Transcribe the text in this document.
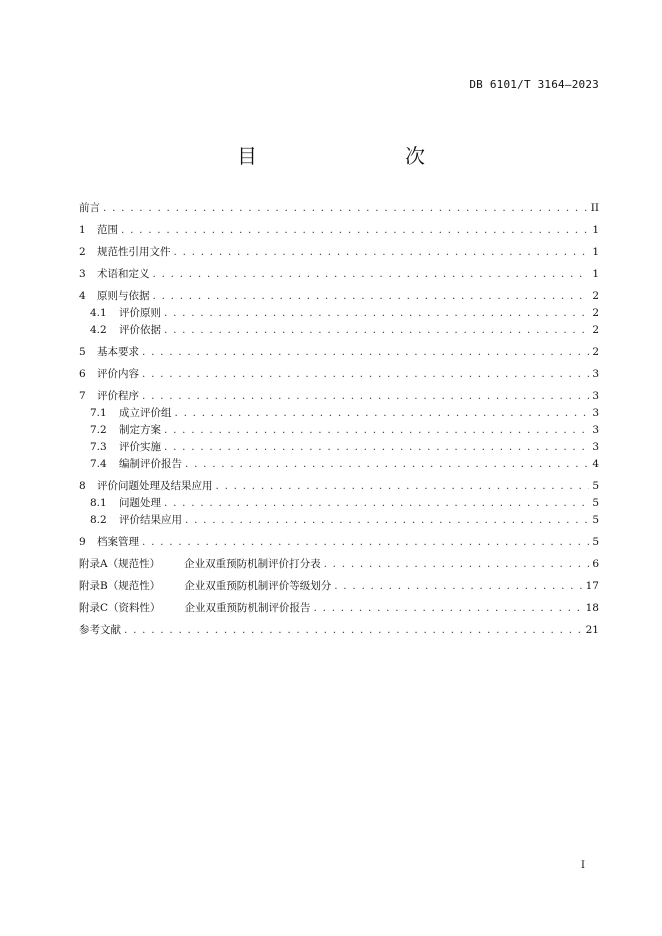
DB 6101/T 3164—2023
目　　次
前言 . . .	II
1	范围 . . .	1
2	规范性引用文件 . . .	1
3	术语和定义 . . .	1
4	原则与依据 . . .	2
4.1	评价原则 . . .	2
4.2	评价依据 . . .	2
5	基本要求 . . .	2
6	评价内容 . . .	3
7	评价程序 . . .	3
7.1	成立评价组 . . .	3
7.2	制定方案 . . .	3
7.3	评价实施 . . .	3
7.4	编制评价报告 . . .	4
8	评价问题处理及结果应用 . . .	5
8.1	问题处理 . . .	5
8.2	评价结果应用 . . .	5
9	档案管理 . . .	5
附录A（规范性） 企业双重预防机制评价打分表 . . .	6
附录B（规范性） 企业双重预防机制评价等级划分 . . .	17
附录C（资料性） 企业双重预防机制评价报告 . . .	18
参考文献 . . .	21
I
